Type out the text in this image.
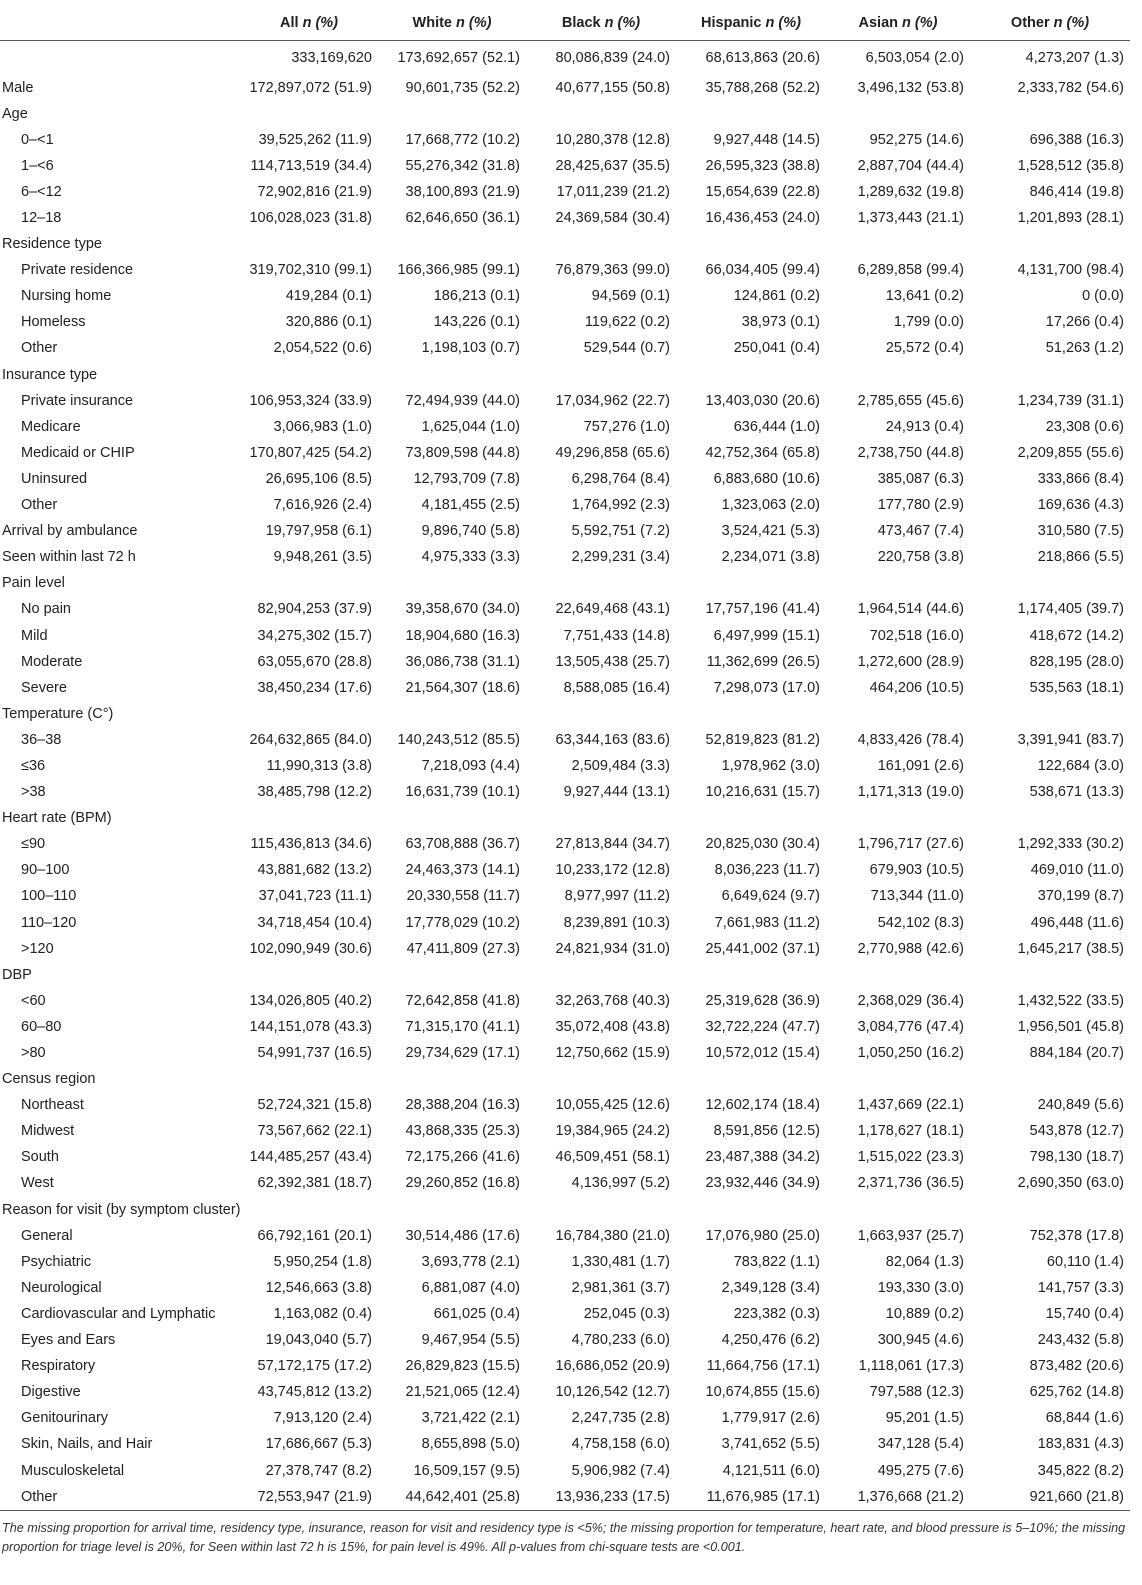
	All n (%)	White n (%)	Black n (%)	Hispanic n (%)	Asian n (%)	Other n (%)
	333,169,620	173,692,657 (52.1)	80,086,839 (24.0)	68,613,863 (20.6)	6,503,054 (2.0)	4,273,207 (1.3)
Male	172,897,072 (51.9)	90,601,735 (52.2)	40,677,155 (50.8)	35,788,268 (52.2)	3,496,132 (53.8)	2,333,782 (54.6)
Age						
0–<1	39,525,262 (11.9)	17,668,772 (10.2)	10,280,378 (12.8)	9,927,448 (14.5)	952,275 (14.6)	696,388 (16.3)
1–<6	114,713,519 (34.4)	55,276,342 (31.8)	28,425,637 (35.5)	26,595,323 (38.8)	2,887,704 (44.4)	1,528,512 (35.8)
6–<12	72,902,816 (21.9)	38,100,893 (21.9)	17,011,239 (21.2)	15,654,639 (22.8)	1,289,632 (19.8)	846,414 (19.8)
12–18	106,028,023 (31.8)	62,646,650 (36.1)	24,369,584 (30.4)	16,436,453 (24.0)	1,373,443 (21.1)	1,201,893 (28.1)
Residence type						
Private residence	319,702,310 (99.1)	166,366,985 (99.1)	76,879,363 (99.0)	66,034,405 (99.4)	6,289,858 (99.4)	4,131,700 (98.4)
Nursing home	419,284 (0.1)	186,213 (0.1)	94,569 (0.1)	124,861 (0.2)	13,641 (0.2)	0 (0.0)
Homeless	320,886 (0.1)	143,226 (0.1)	119,622 (0.2)	38,973 (0.1)	1,799 (0.0)	17,266 (0.4)
Other	2,054,522 (0.6)	1,198,103 (0.7)	529,544 (0.7)	250,041 (0.4)	25,572 (0.4)	51,263 (1.2)
Insurance type						
Private insurance	106,953,324 (33.9)	72,494,939 (44.0)	17,034,962 (22.7)	13,403,030 (20.6)	2,785,655 (45.6)	1,234,739 (31.1)
Medicare	3,066,983 (1.0)	1,625,044 (1.0)	757,276 (1.0)	636,444 (1.0)	24,913 (0.4)	23,308 (0.6)
Medicaid or CHIP	170,807,425 (54.2)	73,809,598 (44.8)	49,296,858 (65.6)	42,752,364 (65.8)	2,738,750 (44.8)	2,209,855 (55.6)
Uninsured	26,695,106 (8.5)	12,793,709 (7.8)	6,298,764 (8.4)	6,883,680 (10.6)	385,087 (6.3)	333,866 (8.4)
Other	7,616,926 (2.4)	4,181,455 (2.5)	1,764,992 (2.3)	1,323,063 (2.0)	177,780 (2.9)	169,636 (4.3)
Arrival by ambulance	19,797,958 (6.1)	9,896,740 (5.8)	5,592,751 (7.2)	3,524,421 (5.3)	473,467 (7.4)	310,580 (7.5)
Seen within last 72 h	9,948,261 (3.5)	4,975,333 (3.3)	2,299,231 (3.4)	2,234,071 (3.8)	220,758 (3.8)	218,866 (5.5)
Pain level						
No pain	82,904,253 (37.9)	39,358,670 (34.0)	22,649,468 (43.1)	17,757,196 (41.4)	1,964,514 (44.6)	1,174,405 (39.7)
Mild	34,275,302 (15.7)	18,904,680 (16.3)	7,751,433 (14.8)	6,497,999 (15.1)	702,518 (16.0)	418,672 (14.2)
Moderate	63,055,670 (28.8)	36,086,738 (31.1)	13,505,438 (25.7)	11,362,699 (26.5)	1,272,600 (28.9)	828,195 (28.0)
Severe	38,450,234 (17.6)	21,564,307 (18.6)	8,588,085 (16.4)	7,298,073 (17.0)	464,206 (10.5)	535,563 (18.1)
Temperature (C°)						
36–38	264,632,865 (84.0)	140,243,512 (85.5)	63,344,163 (83.6)	52,819,823 (81.2)	4,833,426 (78.4)	3,391,941 (83.7)
≤36	11,990,313 (3.8)	7,218,093 (4.4)	2,509,484 (3.3)	1,978,962 (3.0)	161,091 (2.6)	122,684 (3.0)
>38	38,485,798 (12.2)	16,631,739 (10.1)	9,927,444 (13.1)	10,216,631 (15.7)	1,171,313 (19.0)	538,671 (13.3)
Heart rate (BPM)						
≤90	115,436,813 (34.6)	63,708,888 (36.7)	27,813,844 (34.7)	20,825,030 (30.4)	1,796,717 (27.6)	1,292,333 (30.2)
90–100	43,881,682 (13.2)	24,463,373 (14.1)	10,233,172 (12.8)	8,036,223 (11.7)	679,903 (10.5)	469,010 (11.0)
100–110	37,041,723 (11.1)	20,330,558 (11.7)	8,977,997 (11.2)	6,649,624 (9.7)	713,344 (11.0)	370,199 (8.7)
110–120	34,718,454 (10.4)	17,778,029 (10.2)	8,239,891 (10.3)	7,661,983 (11.2)	542,102 (8.3)	496,448 (11.6)
>120	102,090,949 (30.6)	47,411,809 (27.3)	24,821,934 (31.0)	25,441,002 (37.1)	2,770,988 (42.6)	1,645,217 (38.5)
DBP						
<60	134,026,805 (40.2)	72,642,858 (41.8)	32,263,768 (40.3)	25,319,628 (36.9)	2,368,029 (36.4)	1,432,522 (33.5)
60–80	144,151,078 (43.3)	71,315,170 (41.1)	35,072,408 (43.8)	32,722,224 (47.7)	3,084,776 (47.4)	1,956,501 (45.8)
>80	54,991,737 (16.5)	29,734,629 (17.1)	12,750,662 (15.9)	10,572,012 (15.4)	1,050,250 (16.2)	884,184 (20.7)
Census region						
Northeast	52,724,321 (15.8)	28,388,204 (16.3)	10,055,425 (12.6)	12,602,174 (18.4)	1,437,669 (22.1)	240,849 (5.6)
Midwest	73,567,662 (22.1)	43,868,335 (25.3)	19,384,965 (24.2)	8,591,856 (12.5)	1,178,627 (18.1)	543,878 (12.7)
South	144,485,257 (43.4)	72,175,266 (41.6)	46,509,451 (58.1)	23,487,388 (34.2)	1,515,022 (23.3)	798,130 (18.7)
West	62,392,381 (18.7)	29,260,852 (16.8)	4,136,997 (5.2)	23,932,446 (34.9)	2,371,736 (36.5)	2,690,350 (63.0)
Reason for visit (by symptom cluster)						
General	66,792,161 (20.1)	30,514,486 (17.6)	16,784,380 (21.0)	17,076,980 (25.0)	1,663,937 (25.7)	752,378 (17.8)
Psychiatric	5,950,254 (1.8)	3,693,778 (2.1)	1,330,481 (1.7)	783,822 (1.1)	82,064 (1.3)	60,110 (1.4)
Neurological	12,546,663 (3.8)	6,881,087 (4.0)	2,981,361 (3.7)	2,349,128 (3.4)	193,330 (3.0)	141,757 (3.3)
Cardiovascular and Lymphatic	1,163,082 (0.4)	661,025 (0.4)	252,045 (0.3)	223,382 (0.3)	10,889 (0.2)	15,740 (0.4)
Eyes and Ears	19,043,040 (5.7)	9,467,954 (5.5)	4,780,233 (6.0)	4,250,476 (6.2)	300,945 (4.6)	243,432 (5.8)
Respiratory	57,172,175 (17.2)	26,829,823 (15.5)	16,686,052 (20.9)	11,664,756 (17.1)	1,118,061 (17.3)	873,482 (20.6)
Digestive	43,745,812 (13.2)	21,521,065 (12.4)	10,126,542 (12.7)	10,674,855 (15.6)	797,588 (12.3)	625,762 (14.8)
Genitourinary	7,913,120 (2.4)	3,721,422 (2.1)	2,247,735 (2.8)	1,779,917 (2.6)	95,201 (1.5)	68,844 (1.6)
Skin, Nails, and Hair	17,686,667 (5.3)	8,655,898 (5.0)	4,758,158 (6.0)	3,741,652 (5.5)	347,128 (5.4)	183,831 (4.3)
Musculoskeletal	27,378,747 (8.2)	16,509,157 (9.5)	5,906,982 (7.4)	4,121,511 (6.0)	495,275 (7.6)	345,822 (8.2)
Other	72,553,947 (21.9)	44,642,401 (25.8)	13,936,233 (17.5)	11,676,985 (17.1)	1,376,668 (21.2)	921,660 (21.8)
The missing proportion for arrival time, residency type, insurance, reason for visit and residency type is <5%; the missing proportion for temperature, heart rate, and blood pressure is 5–10%; the missing proportion for triage level is 20%, for Seen within last 72 h is 15%, for pain level is 49%. All p-values from chi-square tests are <0.001.
